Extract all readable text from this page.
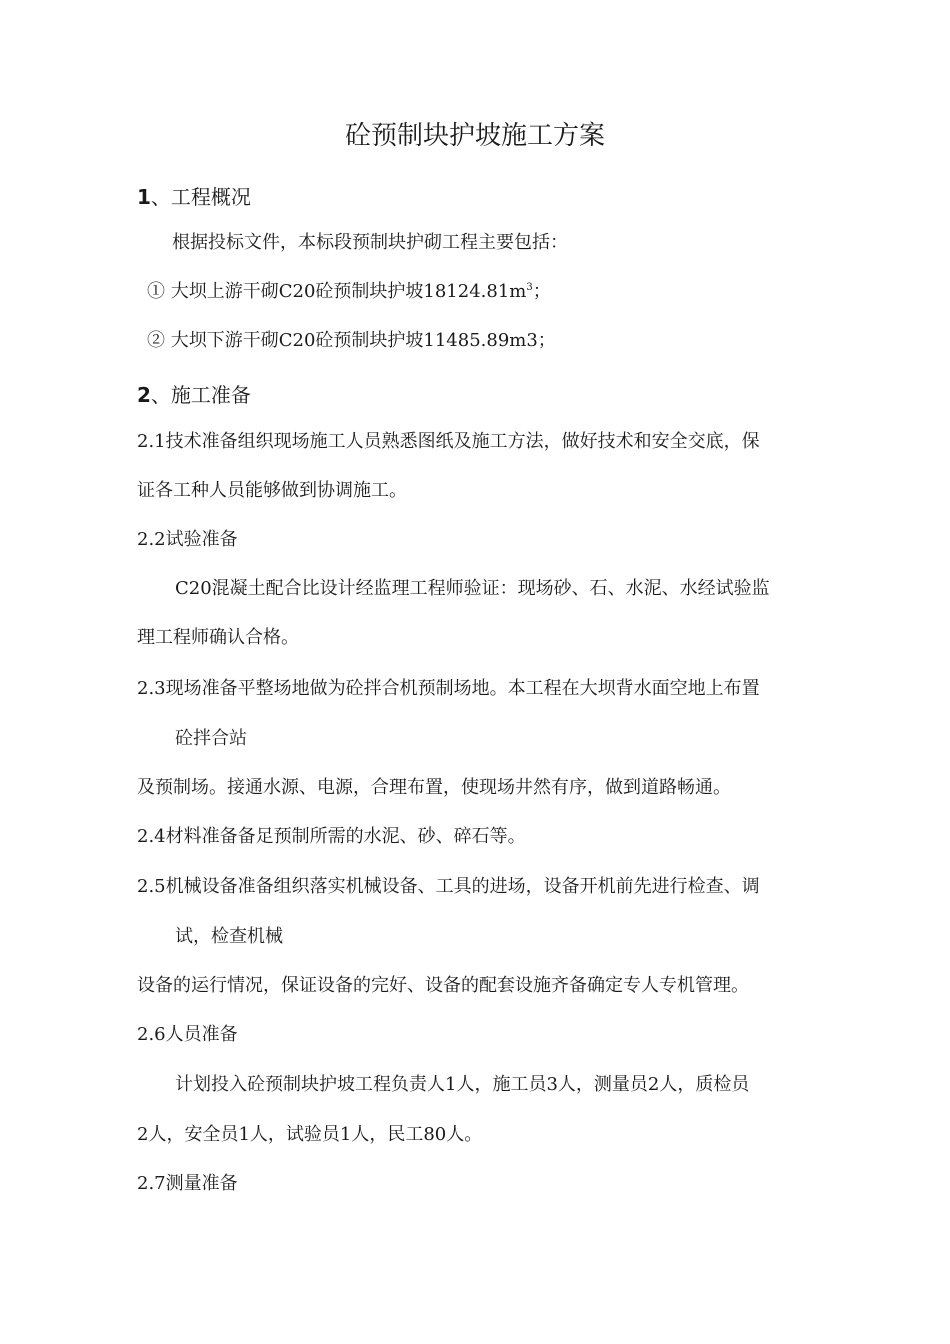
砼预制块护坡施工方案
1、工程概况
根据投标文件，本标段预制块护砌工程主要包括：
① 大坝上游干砌C20砼预制块护坡$18124.81m^3$；
② 大坝下游干砌C20砼预制块护坡11485.89m3；
2、施工准备
2.1技术准备组织现场施工人员熟悉图纸及施工方法，做好技术和安全交底，保
证各工种人员能够做到协调施工。
2.2试验准备
C20混凝土配合比设计经监理工程师验证：现场砂、石、水泥、水经试验监
理工程师确认合格。
2.3现场准备平整场地做为砼拌合机预制场地。本工程在大坝背水面空地上布置
砼拌合站
及预制场。接通水源、电源，合理布置，使现场井然有序，做到道路畅通。
2.4材料准备备足预制所需的水泥、砂、碎石等。
2.5机械设备准备组织落实机械设备、工具的进场，设备开机前先进行检查、调
试，检查机械
设备的运行情况，保证设备的完好、设备的配套设施齐备确定专人专机管理。
2.6人员准备
计划投入砼预制块护坡工程负责人1人，施工员3人，测量员2人，质检员
2人，安全员1人，试验员1人，民工80人。
2.7测量准备
